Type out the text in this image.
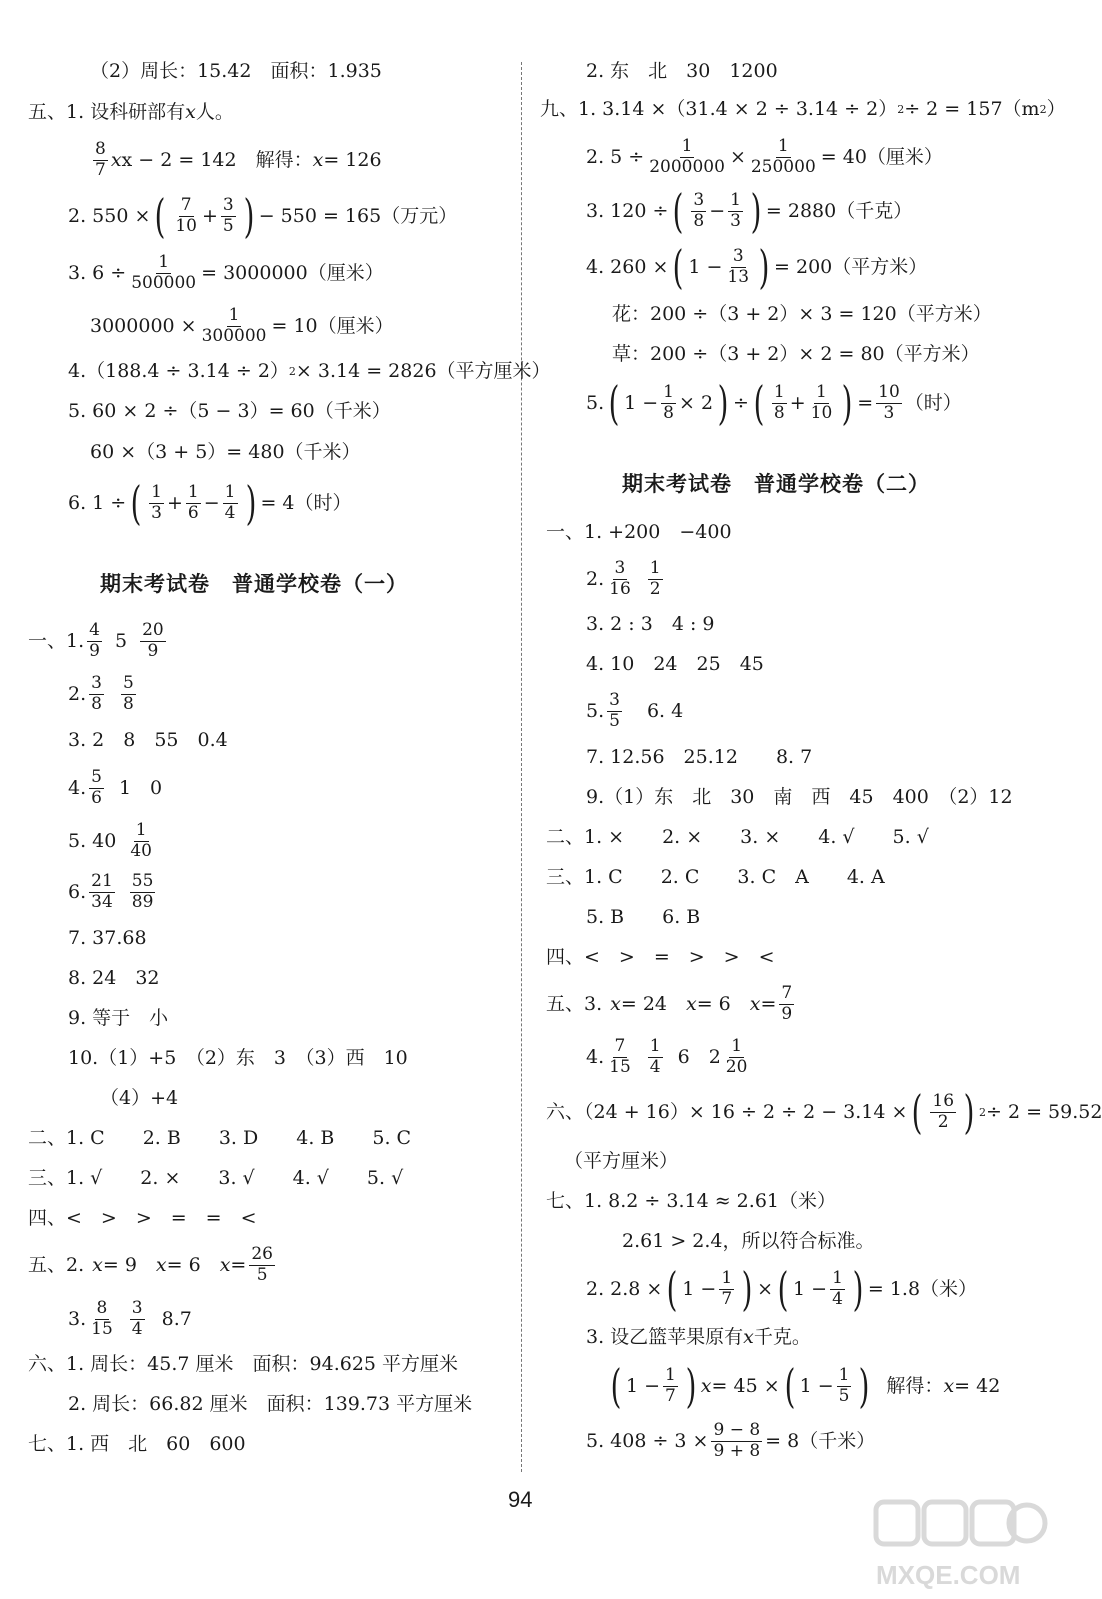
（2）周长：15.42　面积：1.935
五、1. 设科研部有 x 人。
$\frac{8}{7}$ x x − 2 = 142　解得： x = 126
2. 550 × ( $\frac{7}{10} + \frac{3}{5}$ ) − 550 = 165（万元）
3. $6 \div \frac{1}{500000} = 3000000$（厘米）
$3000000 \times \frac{1}{300000} = 10$（厘米）
4.（188.4 ÷ 3.14 ÷ 2） 2 × 3.14 = 2826（平方厘米）
5. 60 × 2 ÷（5 − 3）= 60（千米）
60 ×（3 + 5）= 480（千米）
6. 1 ÷ ( $\frac{1}{3} + \frac{1}{6} - \frac{1}{4}$ ) = 4（时）
期末考试卷　普通学校卷（一）
一、1. $\frac{4}{9} 5 \frac{20}{9}$
2. $\frac{3}{8} \frac{5}{8}$
3. 2　8　55　0.4
4. $\frac{5}{6} 1$　0
5. $40 \frac{1}{40}$
6. $\frac{21}{34} \frac{55}{89}$
7. 37.68
8. 24　32
9. 等于　小
10.（1）+5　（2）东　3　（3）西　10
（4）+4
二、1. C　　2. B　　3. D　　4. B　　5. C
三、1. √　　2. ×　　3. √　　4. √　　5. √
四、<　>　>　=　=　<
五、2. x = 9　 x = 6　 $x = \frac{26}{5}$
3. $\frac{8}{15} \frac{3}{4} 8.7$
六、1. 周长：45.7 厘米　面积：94.625 平方厘米
2. 周长：66.82 厘米　面积：139.73 平方厘米
七、1. 西　北　60　600
2. 东　北　30　1200
九、1. 3.14 ×（31.4 × 2 ÷ 3.14 ÷ 2） 2 ÷ 2 = 157（m 2 ）
2. $5 \div \frac{1}{2000000} \times \frac{1}{250000} = 40$（厘米）
3. 120 ÷ ( $\frac{3}{8} - \frac{1}{3}$ ) = 2880（千克）
4. 260 × ( $1 - \frac{3}{13}$ ) = 200（平方米）
花：200 ÷（3 + 2）× 3 = 120（平方米）
草：200 ÷（3 + 2）× 2 = 80（平方米）
5. ( $1 - \frac{1}{8} \times 2$ ) ÷ ( $\frac{1}{8} + \frac{1}{10}$ ) = $\frac{10}{3}$ （时）
期末考试卷　普通学校卷（二）
一、1. +200　−400
2. $\frac{3}{16} \frac{1}{2}$
3. 2 : 3　4 : 9
4. 10　24　25　45
5. $\frac{3}{5} 6$. 4
7. 12.56　25.12　　8. 7
9.（1）东　北　30　南　西　45　400　（2）12
二、1. ×　　2. ×　　3. ×　　4. √　　5. √
三、1. C　　2. C　　3. C　A　　4. A
5. B　　6. B
四、<　>　=　>　>　<
五、3. x = 24　 x = 6　 $x = \frac{7}{9}$
4. $\frac{7}{15} \frac{1}{4} 6$　$2 \frac{1}{20}$
六、（24 + 16）× 16 ÷ 2 ÷ 2 − 3.14 × ( $\frac{16}{2}$ ) 2 ÷ 2 = 59.52
（平方厘米）
七、1. 8.2 ÷ 3.14 ≈ 2.61（米）
2.61 > 2.4，所以符合标准。
2. 2.8 × ( $1 - \frac{1}{7}$ ) × ( $1 - \frac{1}{4}$ ) = 1.8（米）
3. 设乙篮苹果原有 x 千克。
( $1 - \frac{1}{7}$ ) x = 45 × ( $1 - \frac{1}{5}$ ) 解得： x = 42
5. $408 \div 3 \times \frac{9 - 8}{9 + 8} = 8$（千米）
94
MXQE.COM
